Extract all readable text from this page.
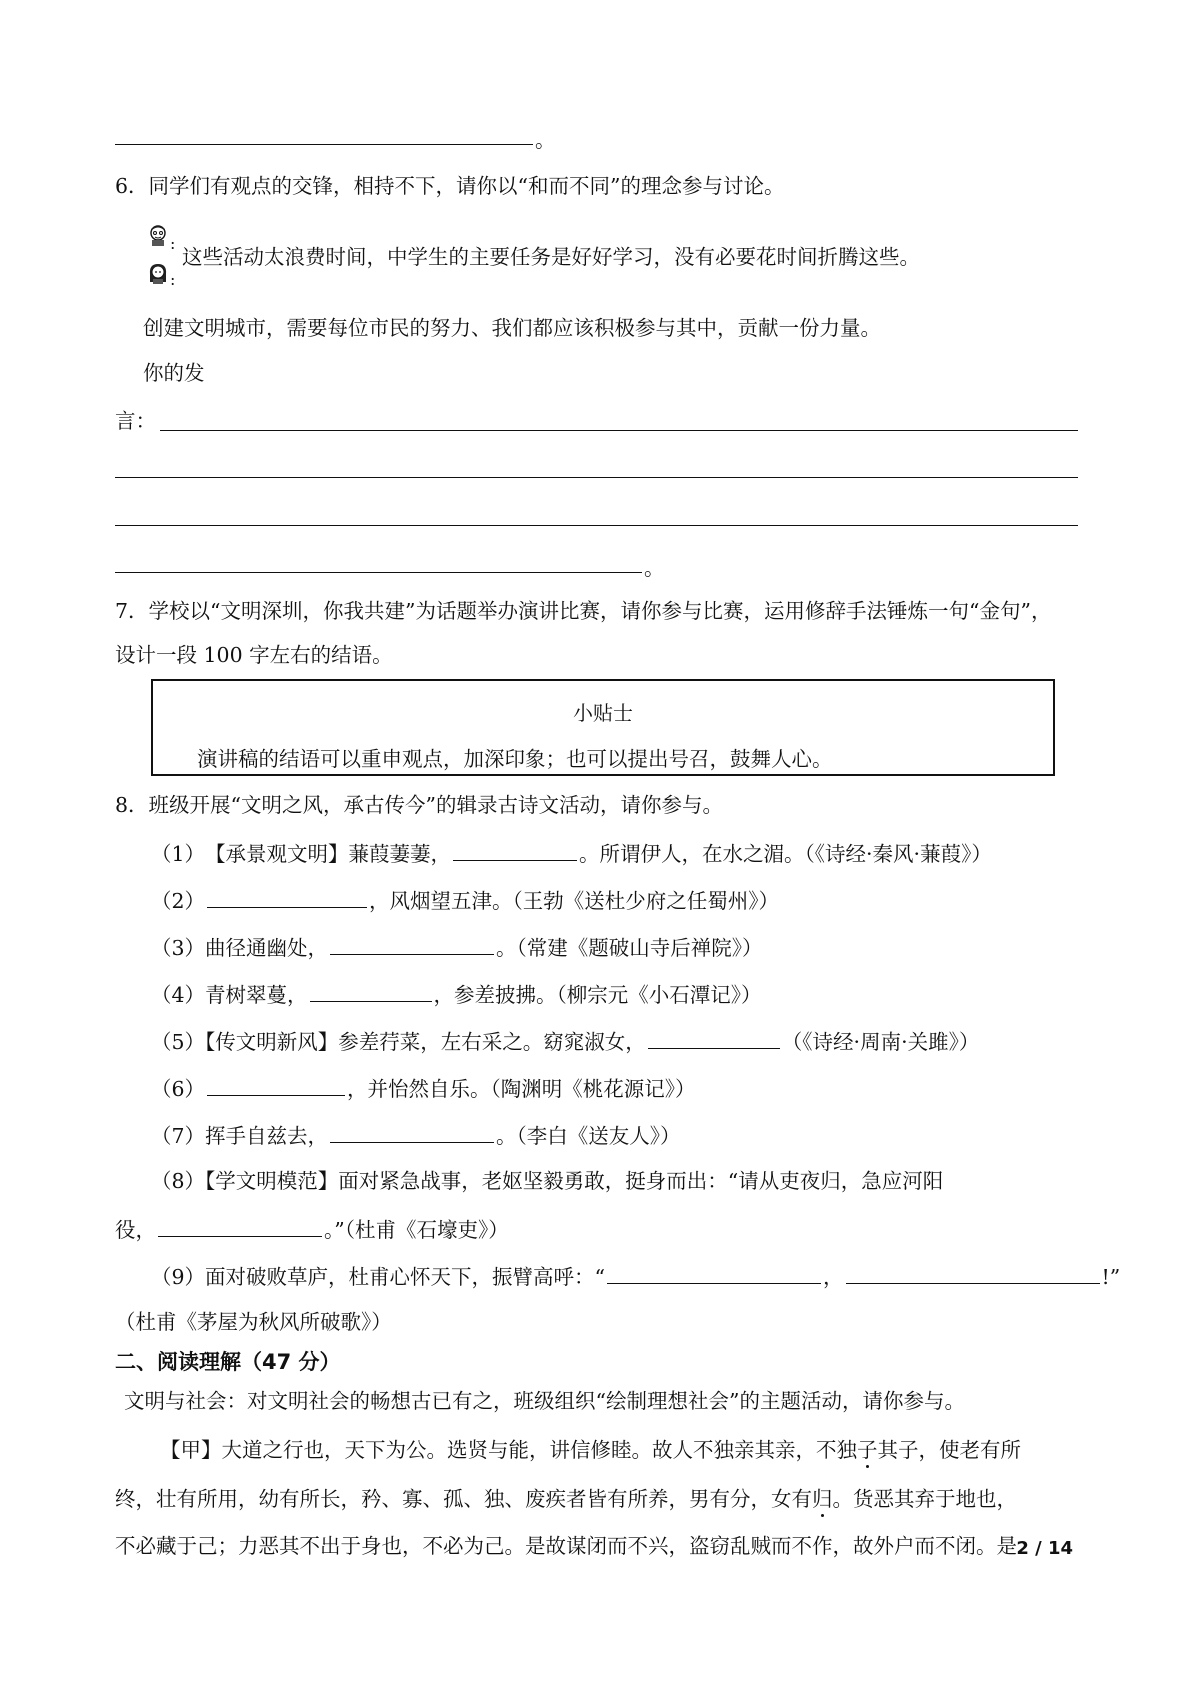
。
6．同学们有观点的交锋，相持不下，请你以“和而不同”的理念参与讨论。
:
:
这些活动太浪费时间，中学生的主要任务是好好学习，没有必要花时间折腾这些。
创建文明城市，需要每位市民的努力、我们都应该积极参与其中，贡献一份力量。
你的发
言：
。
7．学校以“文明深圳，你我共建”为话题举办演讲比赛，请你参与比赛，运用修辞手法锤炼一句“金句”，
设计一段 100 字左右的结语。
小贴士
演讲稿的结语可以重申观点，加深印象；也可以提出号召，鼓舞人心。
8．班级开展“文明之风，承古传今”的辑录古诗文活动，请你参与。
（1）　【承景观文明】蒹葭萋萋，	。所谓伊人，在水之湄。（《诗经·秦风·蒹葭》）
（2）	，风烟望五津。（王勃《送杜少府之任蜀州》）
（3）曲径通幽处，	。（常建《题破山寺后禅院》）
（4）青树翠蔓，	，参差披拂。（柳宗元《小石潭记》）
（5）【传文明新风】参差荇菜，左右采之。窈窕淑女，	（《诗经·周南·关雎》）
（6）	，并怡然自乐。（陶渊明《桃花源记》）
（7）挥手自兹去，	。（李白《送友人》）
（8）【学文明模范】面对紧急战事，老妪坚毅勇敢，挺身而出：“请从吏夜归，急应河阳
役，	。”（杜甫《石壕吏》）
（9）面对破败草庐，杜甫心怀天下，振臂高呼：“	，	!”
（杜甫《茅屋为秋风所破歌》）
二、阅读理解（47 分）
文明与社会：对文明社会的畅想古已有之，班级组织“绘制理想社会”的主题活动，请你参与。
【甲】大道之行也，天下为公。选贤与能，讲信修睦。故人不独亲其亲，不独子其子，使老有所
终，壮有所用，幼有所长，矜、寡、孤、独、废疾者皆有所养，男有分，女有归。货恶其弃于地也，
不必藏于己；力恶其不出于身也，不必为己。是故谋闭而不兴，盗窃乱贼而不作，故外户而不闭。是 2 / 14
